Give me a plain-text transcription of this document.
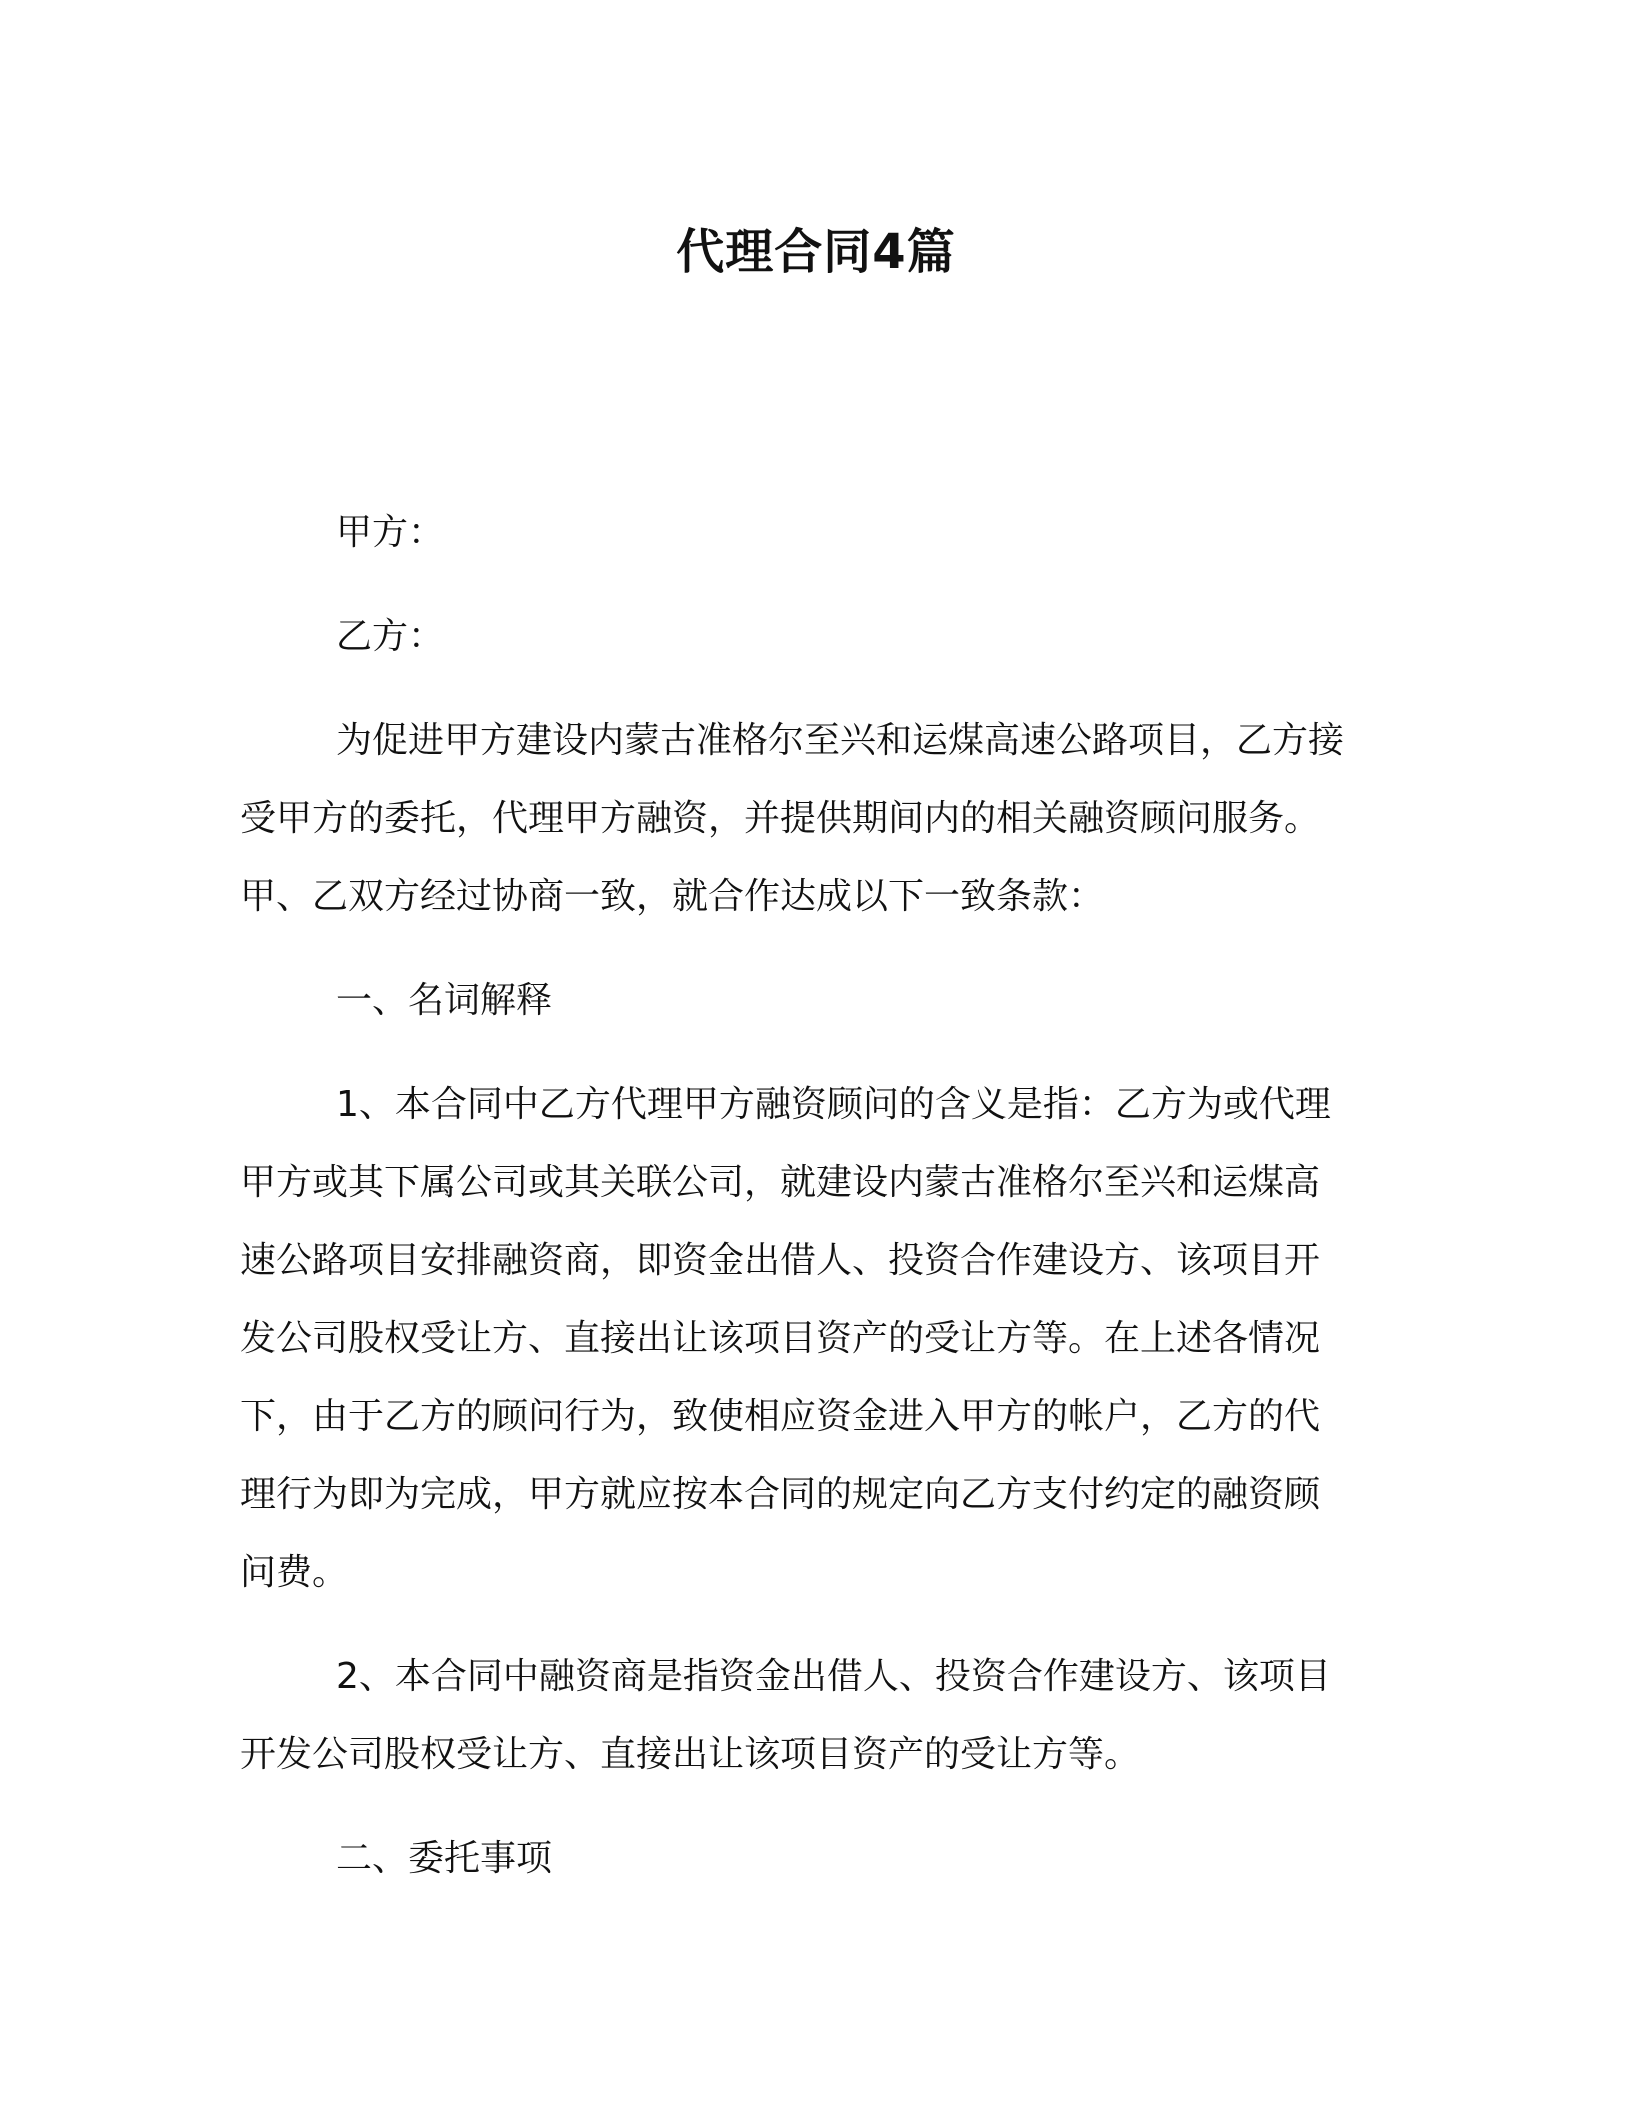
代理合同4篇

甲方：

乙方：

为促进甲方建设内蒙古准格尔至兴和运煤高速公路项目，乙方接
受甲方的委托，代理甲方融资，并提供期间内的相关融资顾问服务。
甲、乙双方经过协商一致，就合作达成以下一致条款：

一、名词解释

1、本合同中乙方代理甲方融资顾问的含义是指：乙方为或代理
甲方或其下属公司或其关联公司，就建设内蒙古准格尔至兴和运煤高
速公路项目安排融资商，即资金出借人、投资合作建设方、该项目开
发公司股权受让方、直接出让该项目资产的受让方等。在上述各情况
下，由于乙方的顾问行为，致使相应资金进入甲方的帐户，乙方的代
理行为即为完成，甲方就应按本合同的规定向乙方支付约定的融资顾
问费。

2、本合同中融资商是指资金出借人、投资合作建设方、该项目
开发公司股权受让方、直接出让该项目资产的受让方等。

二、委托事项
